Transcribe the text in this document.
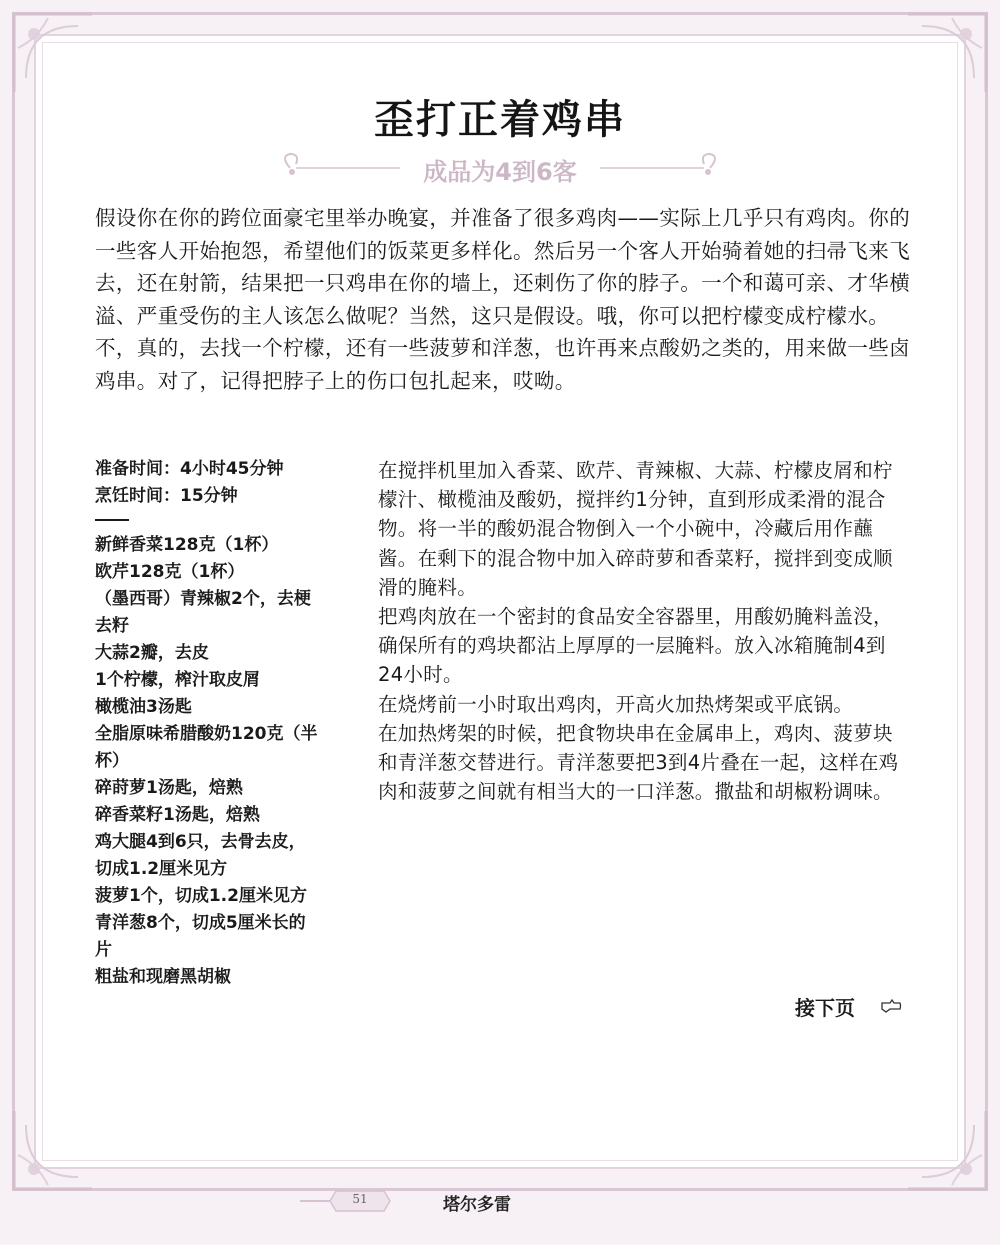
歪打正着鸡串
成品为4到6客

假设你在你的跨位面豪宅里举办晚宴，并准备了很多鸡肉——实际上几乎只有鸡肉。你的一些客人开始抱怨，希望他们的饭菜更多样化。然后另一个客人开始骑着她的扫帚飞来飞去，还在射箭，结果把一只鸡串在你的墙上，还刺伤了你的脖子。一个和蔼可亲、才华横溢、严重受伤的主人该怎么做呢？当然，这只是假设。哦，你可以把柠檬变成柠檬水。不，真的，去找一个柠檬，还有一些菠萝和洋葱，也许再来点酸奶之类的，用来做一些卤鸡串。对了，记得把脖子上的伤口包扎起来，哎呦。

准备时间：4小时45分钟
烹饪时间：15分钟
新鲜香菜128克（1杯）
欧芹128克（1杯）
（墨西哥）青辣椒2个，去梗去籽
大蒜2瓣，去皮
1个柠檬，榨汁取皮屑
橄榄油3汤匙
全脂原味希腊酸奶120克（半杯）
碎莳萝1汤匙，焙熟
碎香菜籽1汤匙，焙熟
鸡大腿4到6只，去骨去皮，切成1.2厘米见方
菠萝1个，切成1.2厘米见方
青洋葱8个，切成5厘米长的片
粗盐和现磨黑胡椒

在搅拌机里加入香菜、欧芹、青辣椒、大蒜、柠檬皮屑和柠檬汁、橄榄油及酸奶，搅拌约1分钟，直到形成柔滑的混合物。将一半的酸奶混合物倒入一个小碗中，冷藏后用作蘸酱。在剩下的混合物中加入碎莳萝和香菜籽，搅拌到变成顺滑的腌料。

把鸡肉放在一个密封的食品安全容器里，用酸奶腌料盖没，确保所有的鸡块都沾上厚厚的一层腌料。放入冰箱腌制4到24小时。

在烧烤前一小时取出鸡肉，开高火加热烤架或平底锅。

在加热烤架的时候，把食物块串在金属串上，鸡肉、菠萝块和青洋葱交替进行。青洋葱要把3到4片叠在一起，这样在鸡肉和菠萝之间就有相当大的一口洋葱。撒盐和胡椒粉调味。

接下页
51	塔尔多雷
